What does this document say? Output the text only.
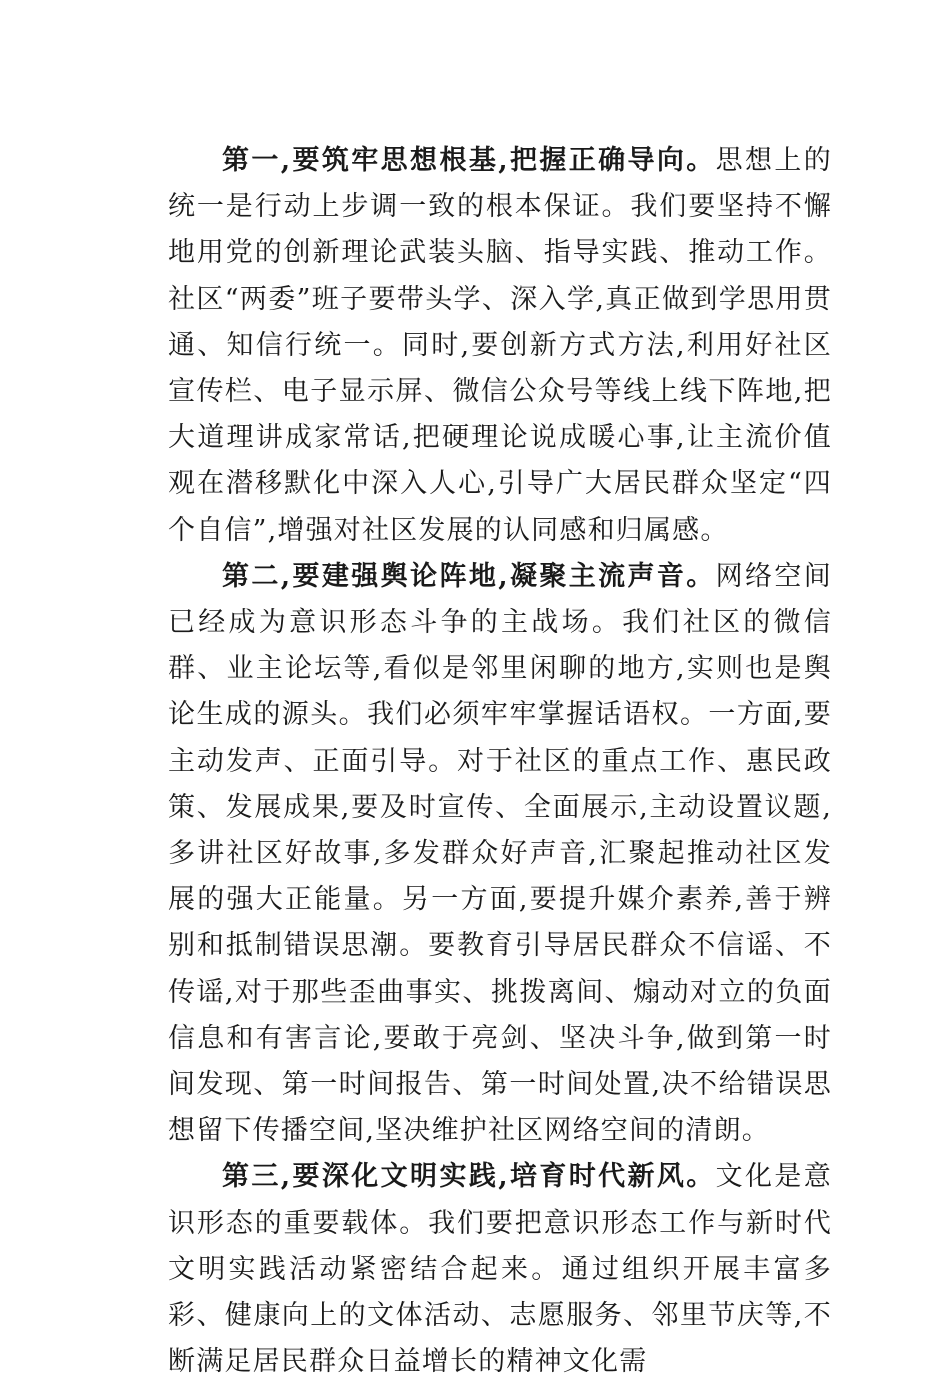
第一,要筑牢思想根基,把握正确导向。思想上的统一是行动上步调一致的根本保证。我们要坚持不懈地用党的创新理论武装头脑、指导实践、推动工作。社区“两委”班子要带头学、深入学,真正做到学思用贯通、知信行统一。同时,要创新方式方法,利用好社区宣传栏、电子显示屏、微信公众号等线上线下阵地,把大道理讲成家常话,把硬理论说成暖心事,让主流价值观在潜移默化中深入人心,引导广大居民群众坚定“四个自信”,增强对社区发展的认同感和归属感。

第二,要建强舆论阵地,凝聚主流声音。网络空间已经成为意识形态斗争的主战场。我们社区的微信群、业主论坛等,看似是邻里闲聊的地方,实则也是舆论生成的源头。我们必须牢牢掌握话语权。一方面,要主动发声、正面引导。对于社区的重点工作、惠民政策、发展成果,要及时宣传、全面展示,主动设置议题,多讲社区好故事,多发群众好声音,汇聚起推动社区发展的强大正能量。另一方面,要提升媒介素养,善于辨别和抵制错误思潮。要教育引导居民群众不信谣、不传谣,对于那些歪曲事实、挑拨离间、煽动对立的负面信息和有害言论,要敢于亮剑、坚决斗争,做到第一时间发现、第一时间报告、第一时间处置,决不给错误思想留下传播空间,坚决维护社区网络空间的清朗。

第三,要深化文明实践,培育时代新风。文化是意识形态的重要载体。我们要把意识形态工作与新时代文明实践活动紧密结合起来。通过组织开展丰富多彩、健康向上的文体活动、志愿服务、邻里节庆等,不断满足居民群众日益增长的精神文化需
